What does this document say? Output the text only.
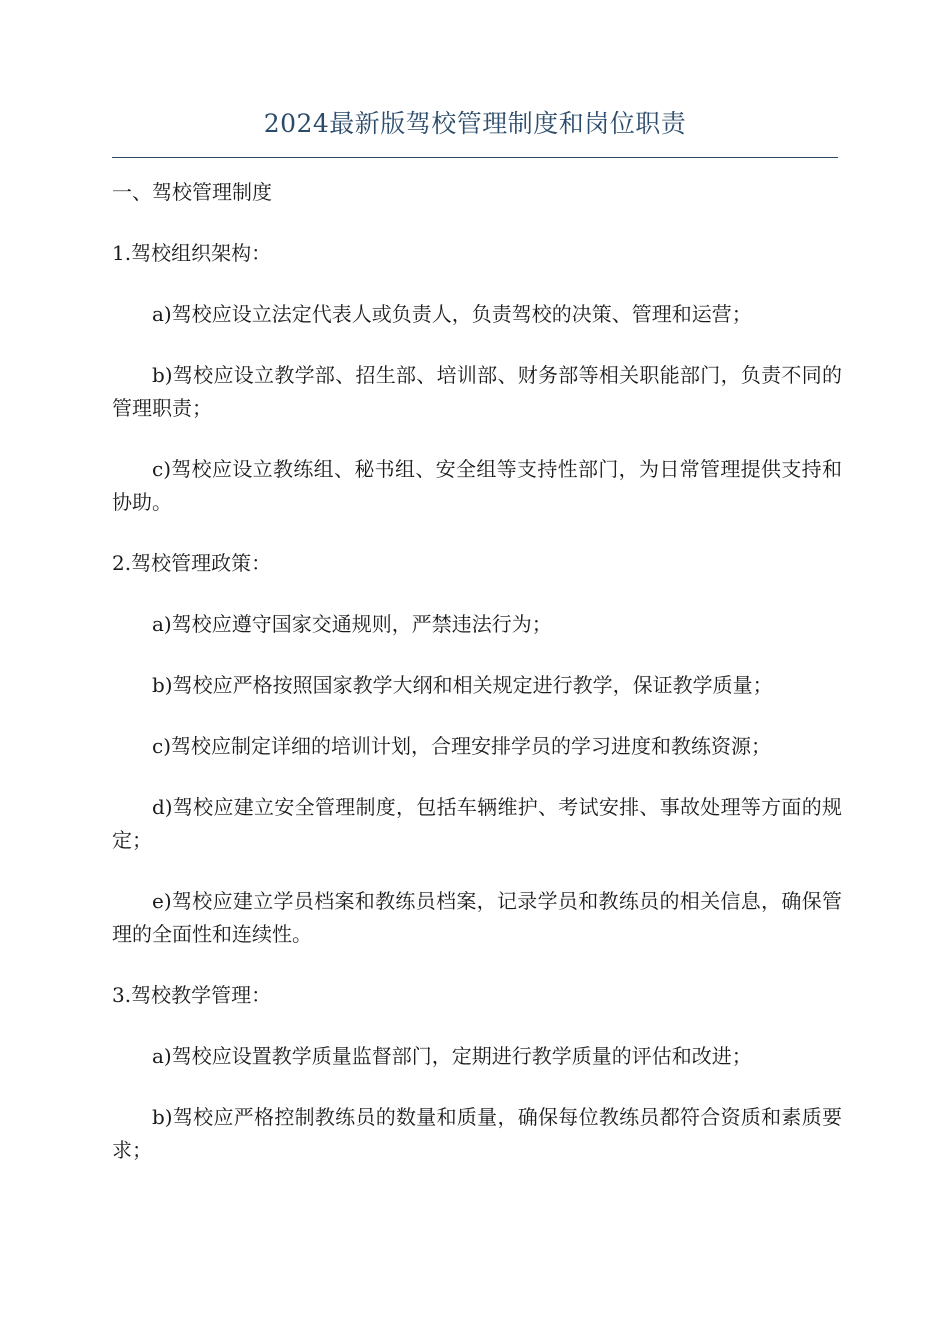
2024最新版驾校管理制度和岗位职责

一、驾校管理制度

1.驾校组织架构：

a)驾校应设立法定代表人或负责人，负责驾校的决策、管理和运营；

b)驾校应设立教学部、招生部、培训部、财务部等相关职能部门，负责不同的管理职责；

c)驾校应设立教练组、秘书组、安全组等支持性部门，为日常管理提供支持和协助。

2.驾校管理政策：

a)驾校应遵守国家交通规则，严禁违法行为；

b)驾校应严格按照国家教学大纲和相关规定进行教学，保证教学质量；

c)驾校应制定详细的培训计划，合理安排学员的学习进度和教练资源；

d)驾校应建立安全管理制度，包括车辆维护、考试安排、事故处理等方面的规定；

e)驾校应建立学员档案和教练员档案，记录学员和教练员的相关信息，确保管理的全面性和连续性。

3.驾校教学管理：

a)驾校应设置教学质量监督部门，定期进行教学质量的评估和改进；

b)驾校应严格控制教练员的数量和质量，确保每位教练员都符合资质和素质要求；
